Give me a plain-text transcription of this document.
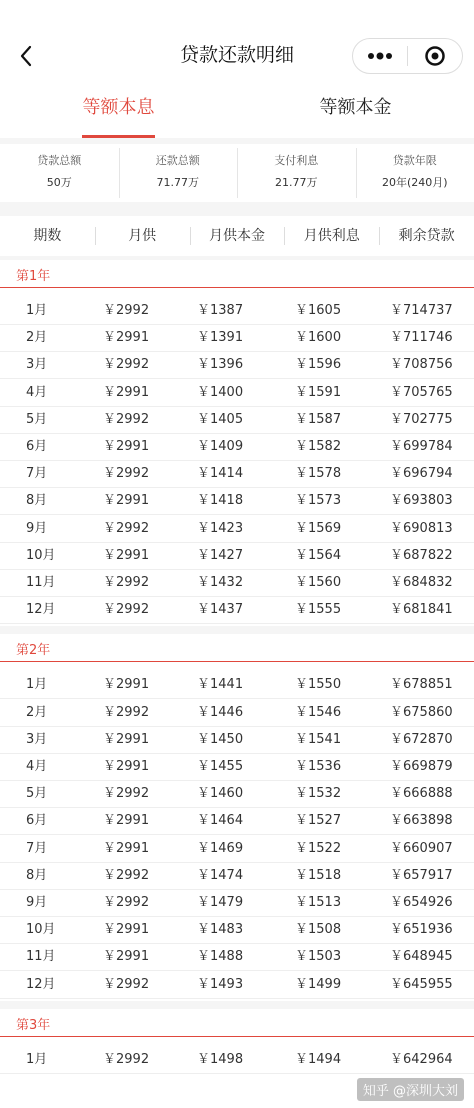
贷款还款明细
等额本息	等额本金
贷款总额
50万
还款总额
71.77万
支付利息
21.77万
贷款年限
20年(240月)
期数	月供	月供本金	月供利息	剩余贷款
第1年
1月	￥2992	￥1387	￥1605	￥714737
2月	￥2991	￥1391	￥1600	￥711746
3月	￥2992	￥1396	￥1596	￥708756
4月	￥2991	￥1400	￥1591	￥705765
5月	￥2992	￥1405	￥1587	￥702775
6月	￥2991	￥1409	￥1582	￥699784
7月	￥2992	￥1414	￥1578	￥696794
8月	￥2991	￥1418	￥1573	￥693803
9月	￥2992	￥1423	￥1569	￥690813
10月	￥2991	￥1427	￥1564	￥687822
11月	￥2992	￥1432	￥1560	￥684832
12月	￥2992	￥1437	￥1555	￥681841
第2年
1月	￥2991	￥1441	￥1550	￥678851
2月	￥2992	￥1446	￥1546	￥675860
3月	￥2991	￥1450	￥1541	￥672870
4月	￥2991	￥1455	￥1536	￥669879
5月	￥2992	￥1460	￥1532	￥666888
6月	￥2991	￥1464	￥1527	￥663898
7月	￥2991	￥1469	￥1522	￥660907
8月	￥2992	￥1474	￥1518	￥657917
9月	￥2992	￥1479	￥1513	￥654926
10月	￥2991	￥1483	￥1508	￥651936
11月	￥2991	￥1488	￥1503	￥648945
12月	￥2992	￥1493	￥1499	￥645955
第3年
1月	￥2992	￥1498	￥1494	￥642964
知乎 @深圳大刘
